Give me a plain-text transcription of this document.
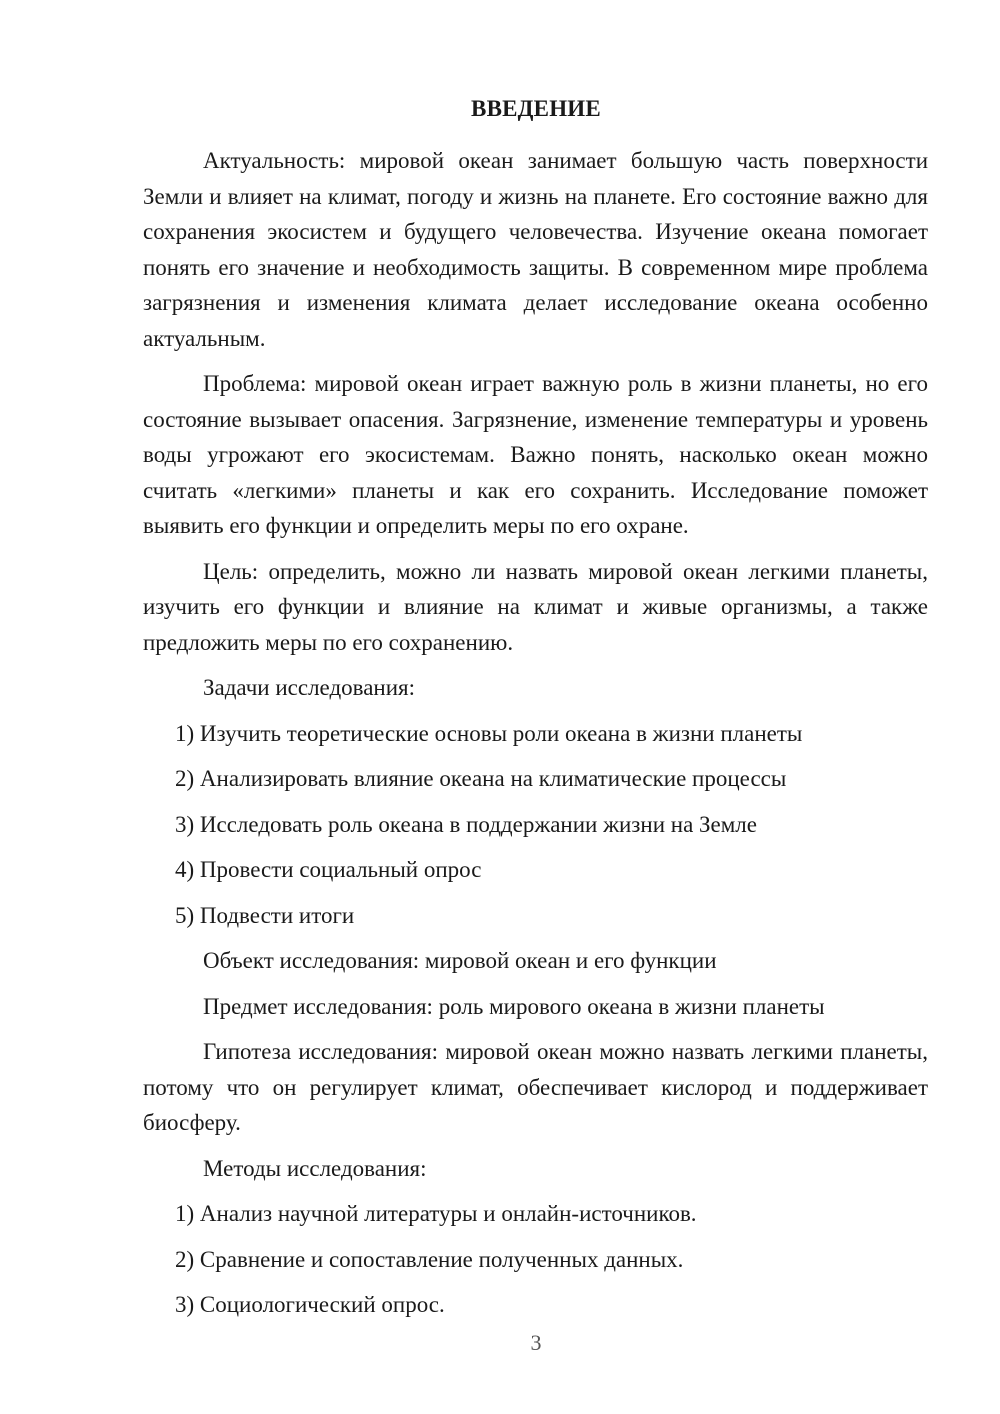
ВВЕДЕНИЕ

Актуальность: мировой океан занимает большую часть поверхности Земли и влияет на климат, погоду и жизнь на планете. Его состояние важно для сохранения экосистем и будущего человечества. Изучение океана помогает понять его значение и необходимость защиты. В современном мире проблема загрязнения и изменения климата делает исследование океана особенно актуальным.

Проблема: мировой океан играет важную роль в жизни планеты, но его состояние вызывает опасения. Загрязнение, изменение температуры и уровень воды угрожают его экосистемам. Важно понять, насколько океан можно считать «легкими» планеты и как его сохранить. Исследование поможет выявить его функции и определить меры по его охране.

Цель: определить, можно ли назвать мировой океан легкими планеты, изучить его функции и влияние на климат и живые организмы, а также предложить меры по его сохранению.

Задачи исследования:

1) Изучить теоретические основы роли океана в жизни планеты

2) Анализировать влияние океана на климатические процессы

3) Исследовать роль океана в поддержании жизни на Земле

4) Провести социальный опрос

5) Подвести итоги

Объект исследования: мировой океан и его функции

Предмет исследования: роль мирового океана в жизни планеты

Гипотеза исследования: мировой океан можно назвать легкими планеты, потому что он регулирует климат, обеспечивает кислород и поддерживает биосферу.

Методы исследования:

1) Анализ научной литературы и онлайн-источников.

2) Сравнение и сопоставление полученных данных.

3) Социологический опрос.

3
